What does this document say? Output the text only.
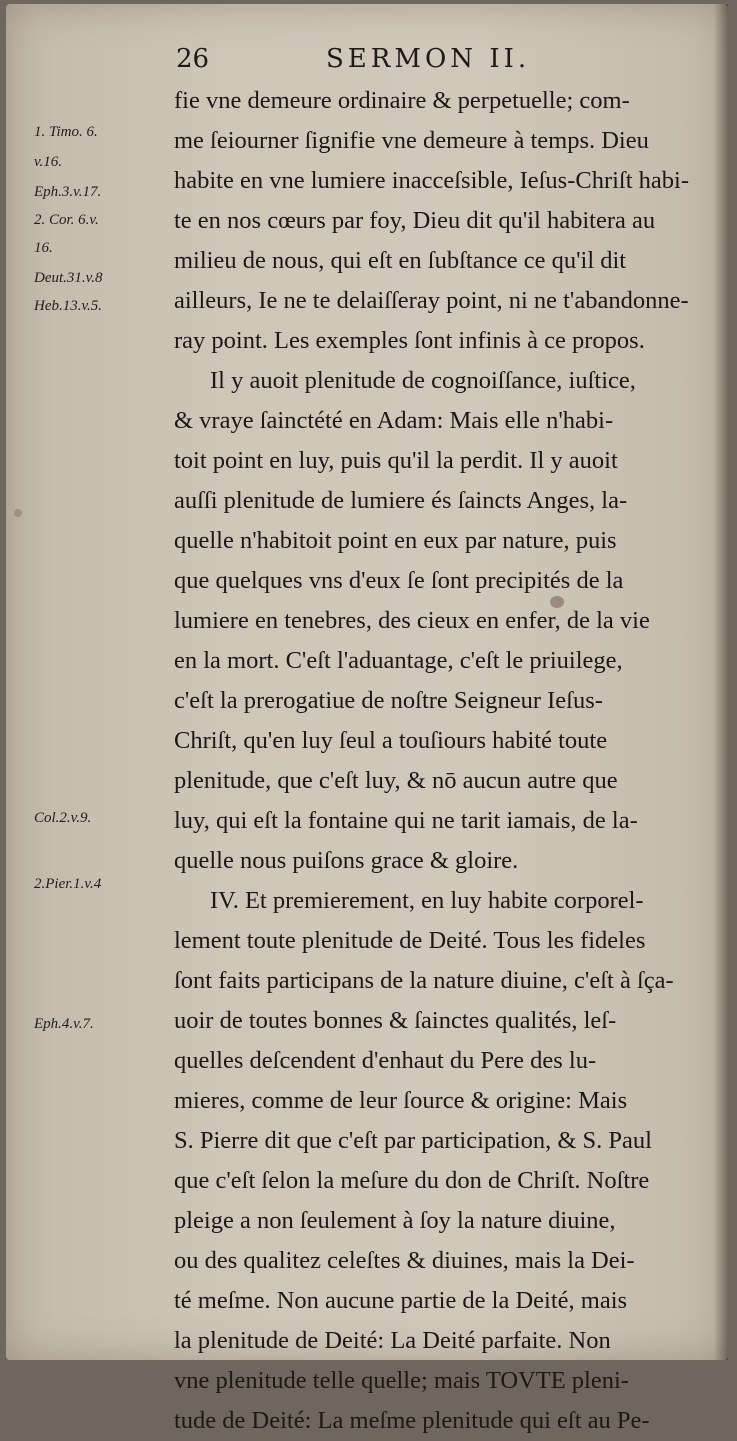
26	SERMON II.
1. Timo. 6.
v.16.
Eph.3.v.17.
2. Cor. 6.v.
16.
Deut.31.v.8
Heb.13.v.5.
Col.2.v.9.
2.Pier.1.v.4
Eph.4.v.7.
fie vne demeure ordinaire & perpetuelle; com-
me ſeiourner ſignifie vne demeure à temps. Dieu
habite en vne lumiere inacceſsible, Ieſus-Chriſt habi-
te en nos cœurs par foy, Dieu dit qu'il habitera au
milieu de nous, qui eſt en ſubſtance ce qu'il dit
ailleurs, Ie ne te delaiſſeray point, ni ne t'abandonne-
ray point. Les exemples ſont infinis à ce propos.
Il y auoit plenitude de cognoiſſance, iuſtice,
& vraye ſainctété en Adam: Mais elle n'habi-
toit point en luy, puis qu'il la perdit. Il y auoit
auſſi plenitude de lumiere és ſaincts Anges, la-
quelle n'habitoit point en eux par nature, puis
que quelques vns d'eux ſe ſont precipités de la
lumiere en tenebres, des cieux en enfer, de la vie
en la mort. C'eſt l'aduantage, c'eſt le priuilege,
c'eſt la prerogatiue de noſtre Seigneur Ieſus-
Chriſt, qu'en luy ſeul a touſiours habité toute
plenitude, que c'eſt luy, & nō aucun autre que
luy, qui eſt la fontaine qui ne tarit iamais, de la-
quelle nous puiſons grace & gloire.
IV. Et premierement, en luy habite corporel-
lement toute plenitude de Deité. Tous les fideles
ſont faits participans de la nature diuine, c'eſt à ſça-
uoir de toutes bonnes & ſainctes qualités, leſ-
quelles deſcendent d'enhaut du Pere des lu-
mieres, comme de leur ſource & origine: Mais
S. Pierre dit que c'eſt par participation, & S. Paul
que c'eſt ſelon la meſure du don de Chriſt. Noſtre
pleige a non ſeulement à ſoy la nature diuine,
ou des qualitez celeſtes & diuines, mais la Dei-
té meſme. Non aucune partie de la Deité, mais
la plenitude de Deité: La Deité parfaite. Non
vne plenitude telle quelle; mais TOVTE pleni-
tude de Deité: La meſme plenitude qui eſt au Pe-
